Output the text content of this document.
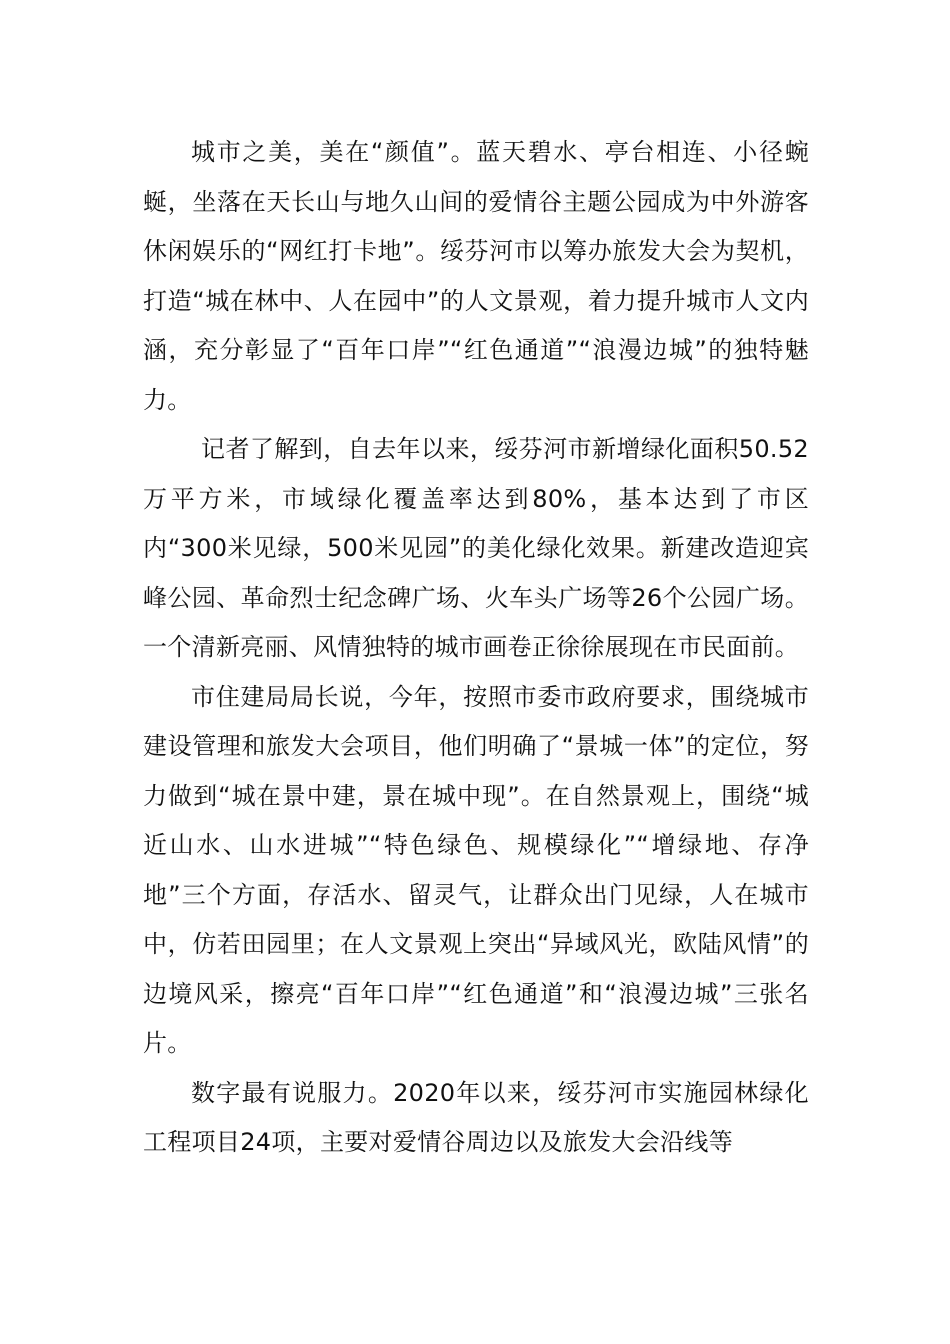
城市之美，美在“颜值”。蓝天碧水、亭台相连、小径蜿蜒，坐落在天长山与地久山间的爱情谷主题公园成为中外游客休闲娱乐的“网红打卡地”。绥芬河市以筹办旅发大会为契机，打造“城在林中、人在园中”的人文景观，着力提升城市人文内涵，充分彰显了“百年口岸”“红色通道”“浪漫边城”的独特魅力。

记者了解到，自去年以来，绥芬河市新增绿化面积50.52万平方米，市域绿化覆盖率达到80%，基本达到了市区内“300米见绿，500米见园”的美化绿化效果。新建改造迎宾峰公园、革命烈士纪念碑广场、火车头广场等26个公园广场。一个清新亮丽、风情独特的城市画卷正徐徐展现在市民面前。

市住建局局长说，今年，按照市委市政府要求，围绕城市建设管理和旅发大会项目，他们明确了“景城一体”的定位，努力做到“城在景中建，景在城中现”。在自然景观上，围绕“城近山水、山水进城”“特色绿色、规模绿化”“增绿地、存净地”三个方面，存活水、留灵气，让群众出门见绿，人在城市中，仿若田园里；在人文景观上突出“异域风光，欧陆风情”的边境风采，擦亮“百年口岸”“红色通道”和“浪漫边城”三张名片。

数字最有说服力。2020年以来，绥芬河市实施园林绿化工程项目24项，主要对爱情谷周边以及旅发大会沿线等
